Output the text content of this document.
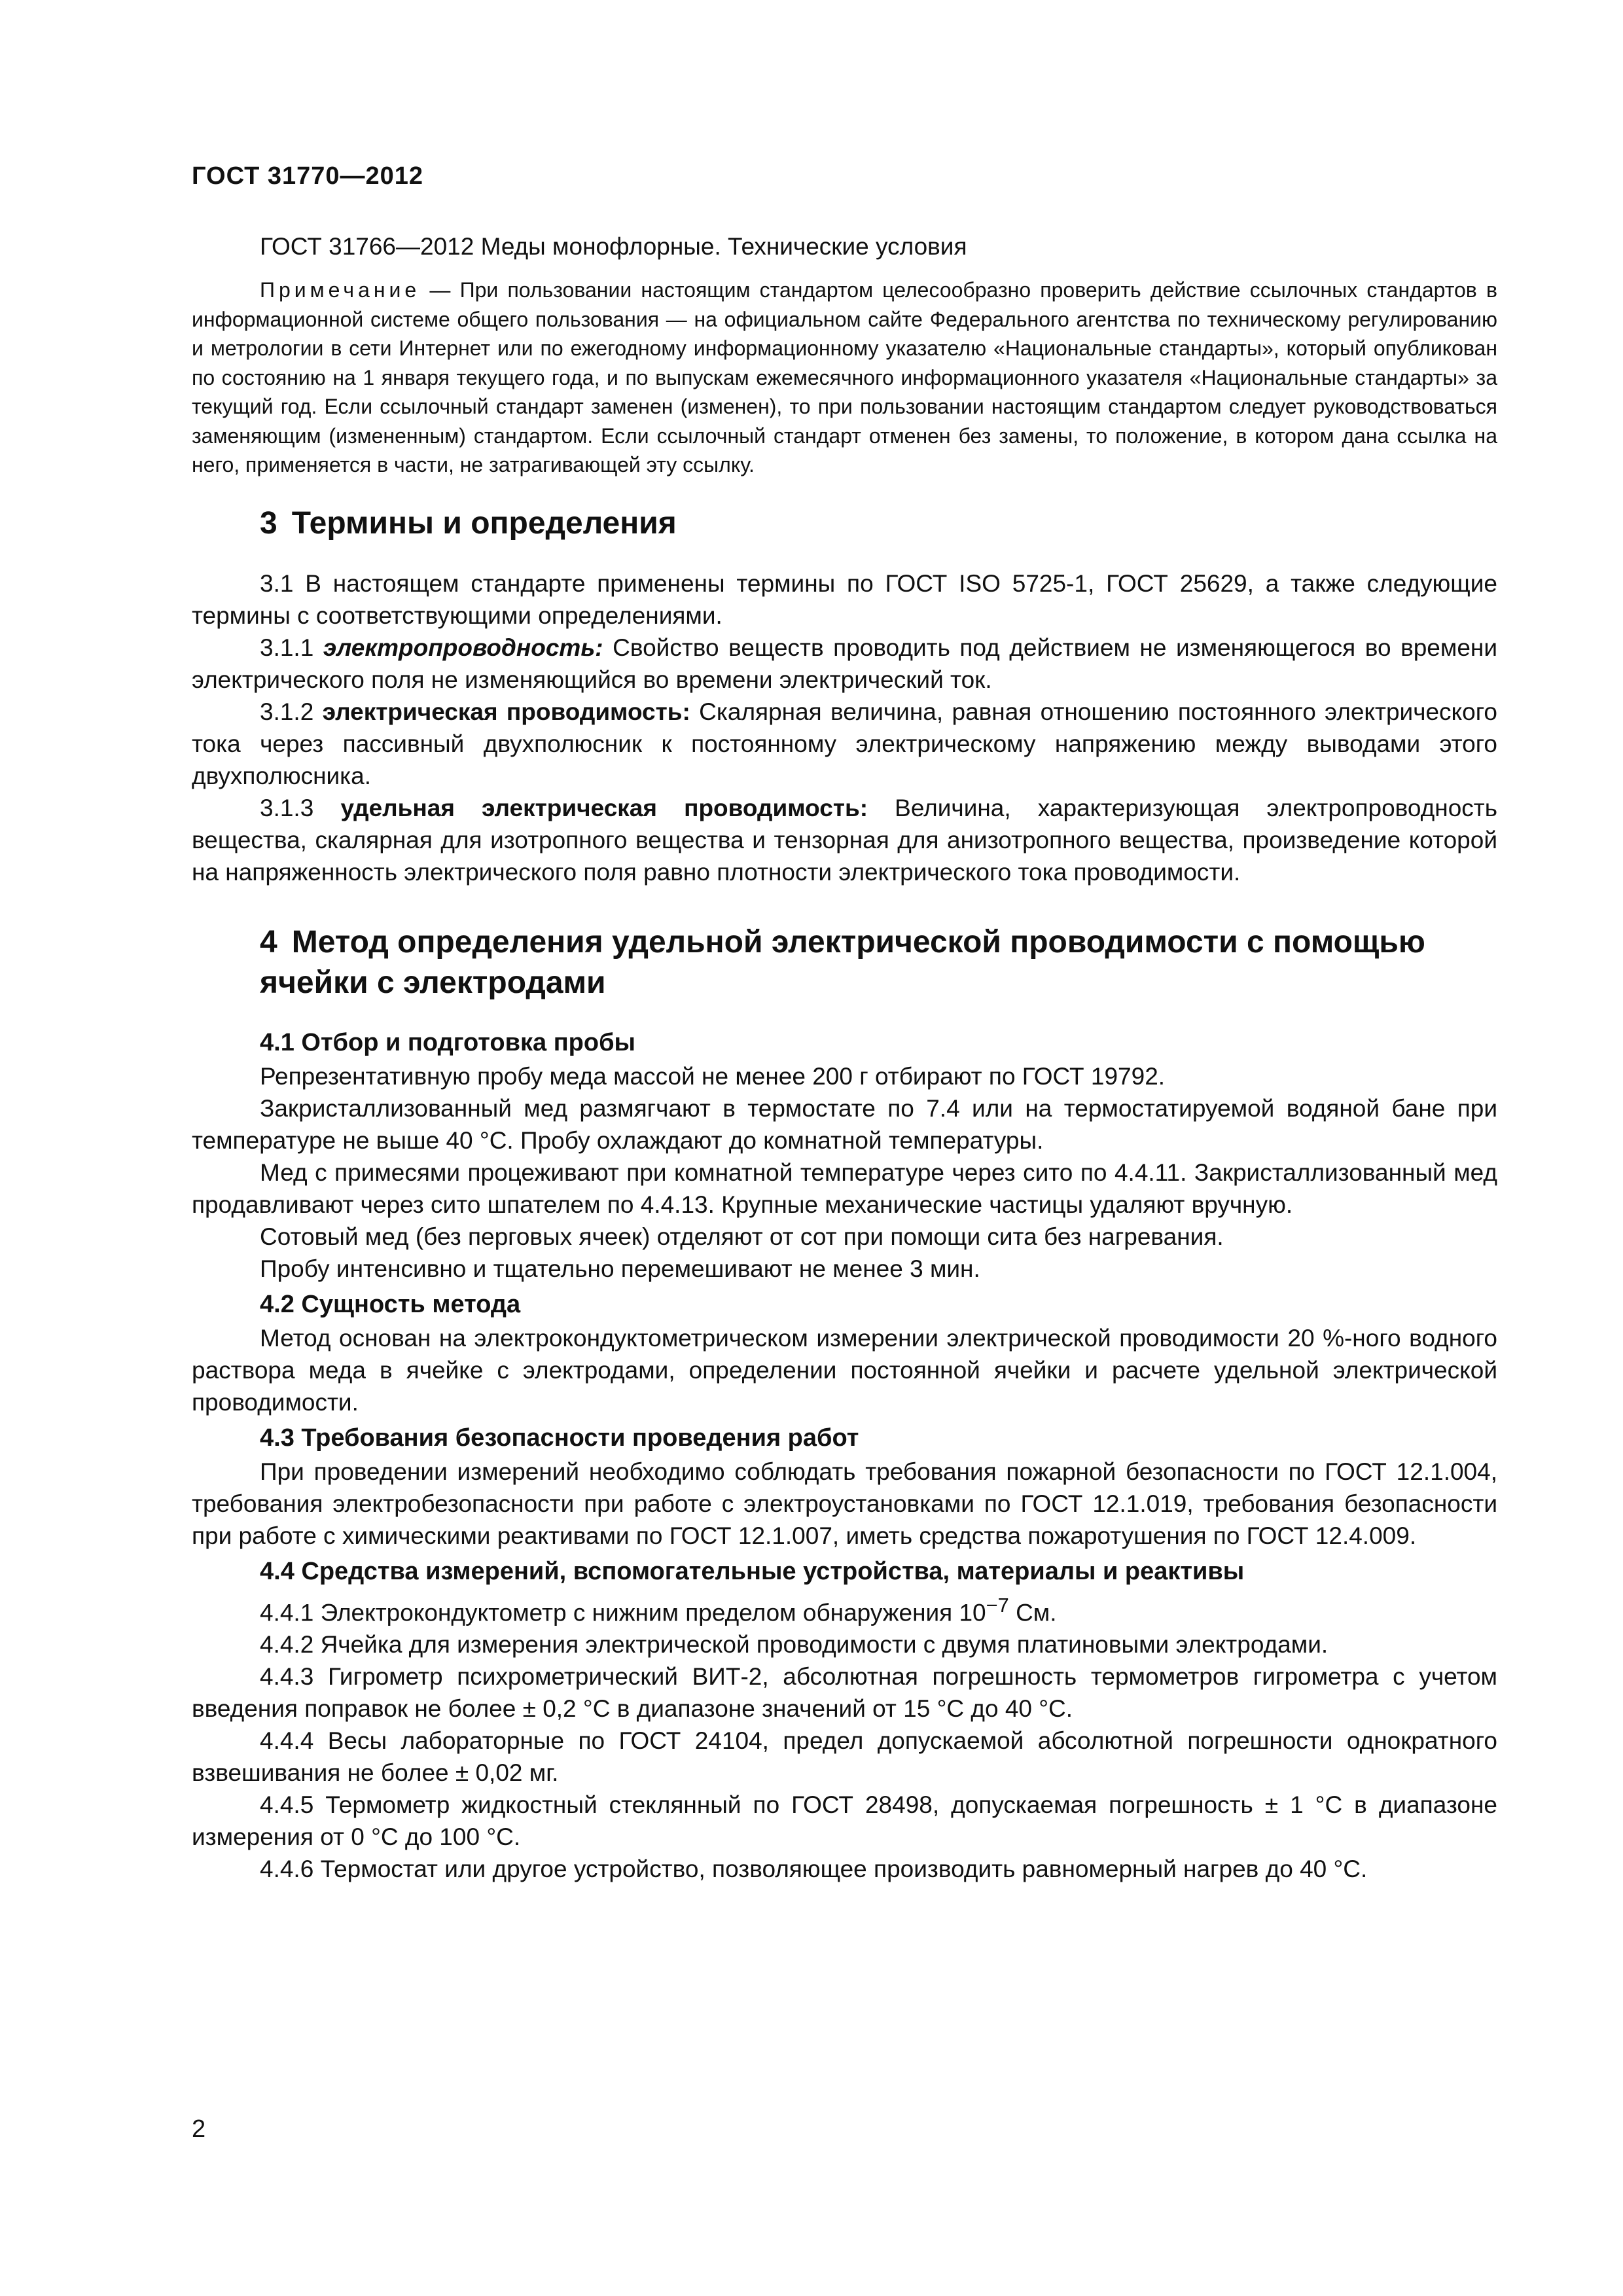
ГОСТ 31770—2012

ГОСТ 31766—2012 Меды монофлорные. Технические условия

Примечание — При пользовании настоящим стандартом целесообразно проверить действие ссылочных стандартов в информационной системе общего пользования — на официальном сайте Федерального агентства по техническому регулированию и метрологии в сети Интернет или по ежегодному информационному указателю «Национальные стандарты», который опубликован по состоянию на 1 января текущего года, и по выпускам ежемесячного информационного указателя «Национальные стандарты» за текущий год. Если ссылочный стандарт заменен (изменен), то при пользовании настоящим стандартом следует руководствоваться заменяющим (измененным) стандартом. Если ссылочный стандарт отменен без замены, то положение, в котором дана ссылка на него, применяется в части, не затрагивающей эту ссылку.

3 Термины и определения

3.1 В настоящем стандарте применены термины по ГОСТ ISO 5725-1, ГОСТ 25629, а также следующие термины с соответствующими определениями.

3.1.1 электропроводность: Свойство веществ проводить под действием не изменяющегося во времени электрического поля не изменяющийся во времени электрический ток.

3.1.2 электрическая проводимость: Скалярная величина, равная отношению постоянного электрического тока через пассивный двухполюсник к постоянному электрическому напряжению между выводами этого двухполюсника.

3.1.3 удельная электрическая проводимость: Величина, характеризующая электропроводность вещества, скалярная для изотропного вещества и тензорная для анизотропного вещества, произведение которой на напряженность электрического поля равно плотности электрического тока проводимости.

4 Метод определения удельной электрической проводимости с помощью ячейки с электродами
4.1 Отбор и подготовка пробы

Репрезентативную пробу меда массой не менее 200 г отбирают по ГОСТ 19792.

Закристаллизованный мед размягчают в термостате по 7.4 или на термостатируемой водяной бане при температуре не выше 40 °С. Пробу охлаждают до комнатной температуры.

Мед с примесями процеживают при комнатной температуре через сито по 4.4.11. Закристаллизованный мед продавливают через сито шпателем по 4.4.13. Крупные механические частицы удаляют вручную.

Сотовый мед (без перговых ячеек) отделяют от сот при помощи сита без нагревания.

Пробу интенсивно и тщательно перемешивают не менее 3 мин.

4.2 Сущность метода

Метод основан на электрокондуктометрическом измерении электрической проводимости 20 %-ного водного раствора меда в ячейке с электродами, определении постоянной ячейки и расчете удельной электрической проводимости.

4.3 Требования безопасности проведения работ

При проведении измерений необходимо соблюдать требования пожарной безопасности по ГОСТ 12.1.004, требования электробезопасности при работе с электроустановками по ГОСТ 12.1.019, требования безопасности при работе с химическими реактивами по ГОСТ 12.1.007, иметь средства пожаротушения по ГОСТ 12.4.009.

4.4 Средства измерений, вспомогательные устройства, материалы и реактивы

4.4.1 Электрокондуктометр с нижним пределом обнаружения $10^{-7}$ См.

4.4.2 Ячейка для измерения электрической проводимости с двумя платиновыми электродами.

4.4.3 Гигрометр психрометрический ВИТ-2, абсолютная погрешность термометров гигрометра с учетом введения поправок не более ± 0,2 °С в диапазоне значений от 15 °С до 40 °С.

4.4.4 Весы лабораторные по ГОСТ 24104, предел допускаемой абсолютной погрешности однократного взвешивания не более ± 0,02 мг.

4.4.5 Термометр жидкостный стеклянный по ГОСТ 28498, допускаемая погрешность ± 1 °С в диапазоне измерения от 0 °С до 100 °С.

4.4.6 Термостат или другое устройство, позволяющее производить равномерный нагрев до 40 °С.

2
